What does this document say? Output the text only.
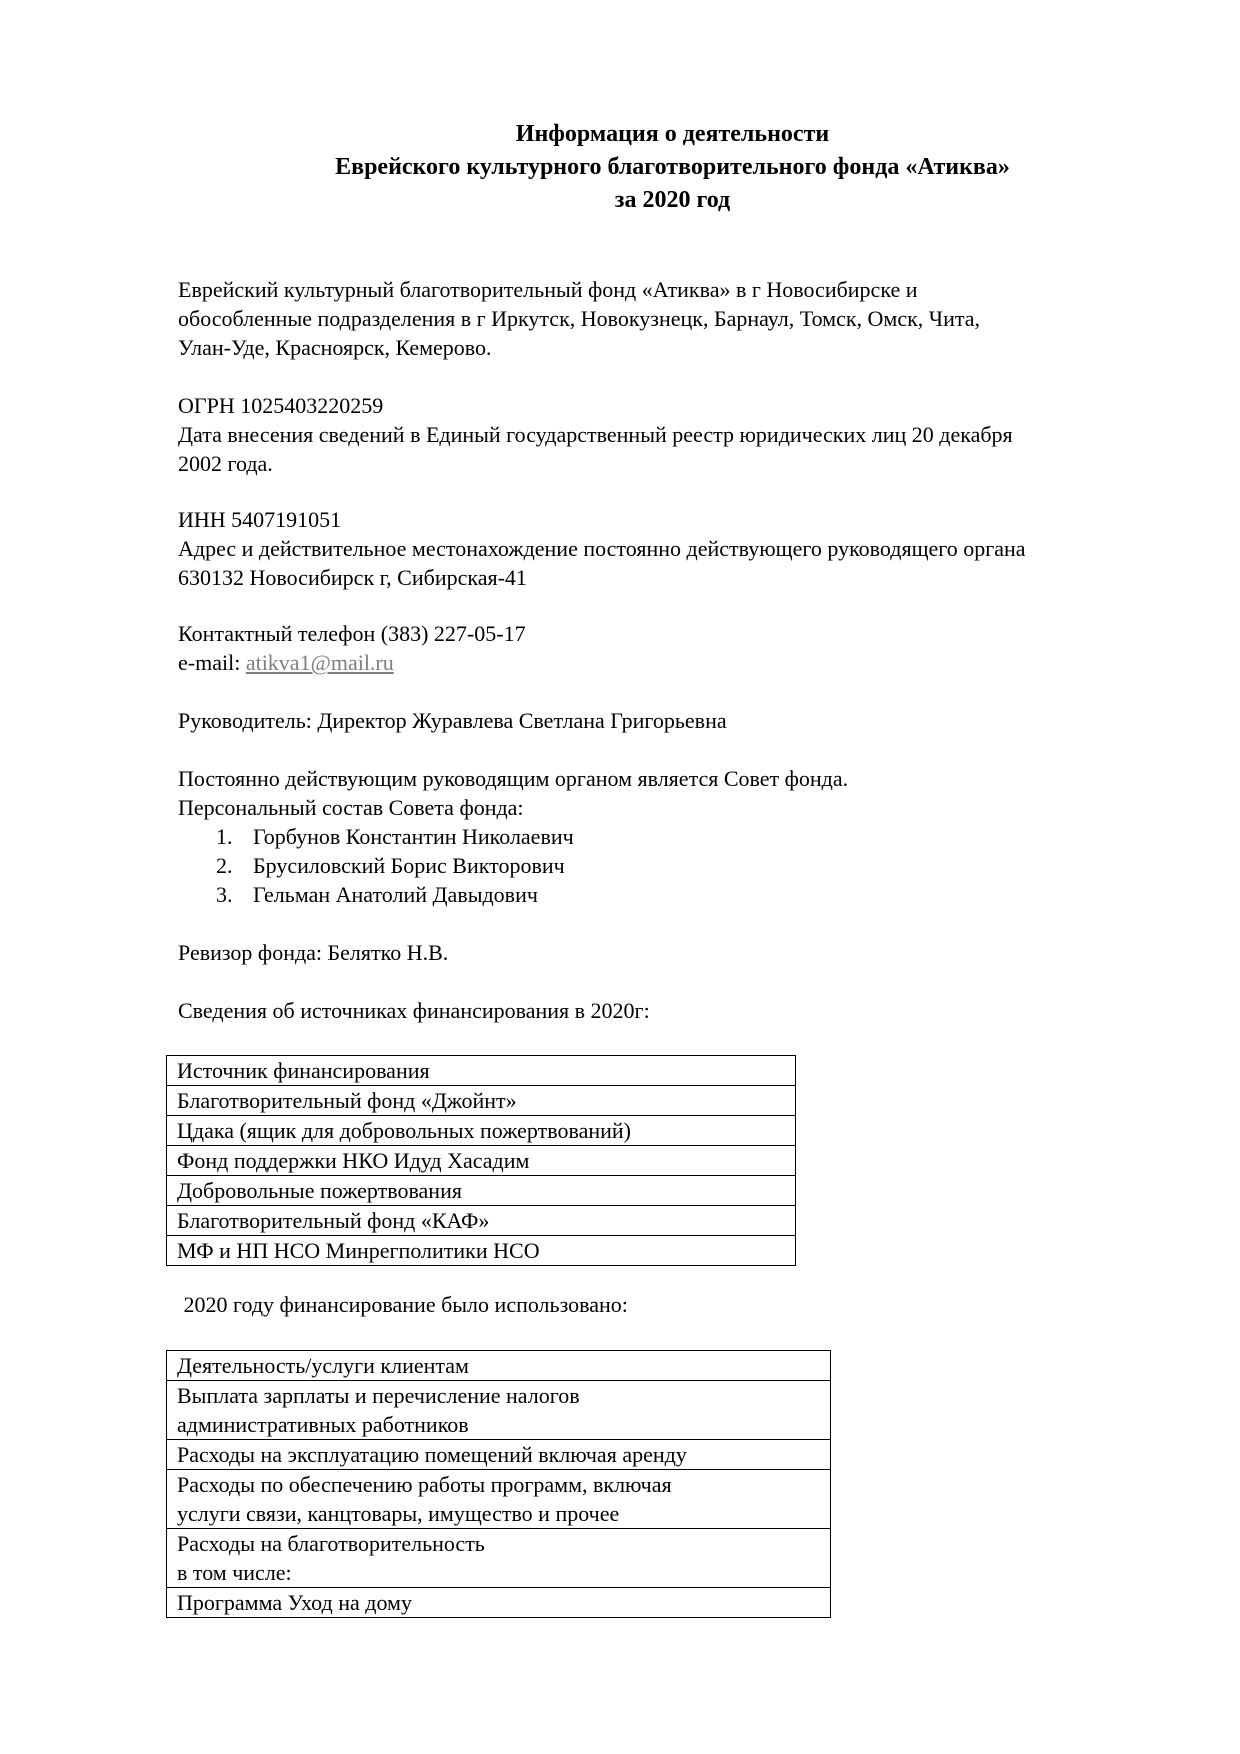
Информация о деятельности
Еврейского культурного благотворительного фонда «Атиква»
за 2020 год
Еврейский культурный благотворительный фонд «Атиква» в г Новосибирске и
обособленные подразделения в г Иркутск, Новокузнецк, Барнаул, Томск, Омск, Чита,
Улан-Уде, Красноярск, Кемерово.
ОГРН 1025403220259
Дата внесения сведений в Единый государственный реестр юридических лиц 20 декабря
2002 года.
ИНН 5407191051
Адрес и действительное местонахождение постоянно действующего руководящего органа
630132 Новосибирск г, Сибирская-41
Контактный телефон (383) 227-05-17
e-mail: atikva1@mail.ru
Руководитель: Директор Журавлева Светлана Григорьевна
Постоянно действующим руководящим органом является Совет фонда.
Персональный состав Совета фонда:
1. Горбунов Константин Николаевич
2. Брусиловский Борис Викторович
3. Гельман Анатолий Давыдович
Ревизор фонда: Белятко Н.В.
Сведения об источниках финансирования в 2020г:
Источник финансирования
Благотворительный фонд «Джойнт»
Цдака (ящик для добровольных пожертвований)
Фонд поддержки НКО Идуд Хасадим
Добровольные пожертвования
Благотворительный фонд «КАФ»
МФ и НП НСО Минрегполитики НСО
2020 году финансирование было использовано:
Деятельность/услуги клиентам

Выплата зарплаты и перечисление налогов
административных работников

Расходы на эксплуатацию помещений включая аренду

Расходы по обеспечению работы программ, включая
услуги связи, канцтовары, имущество и прочее

Расходы на благотворительность
в том числе:

Программа Уход на дому
